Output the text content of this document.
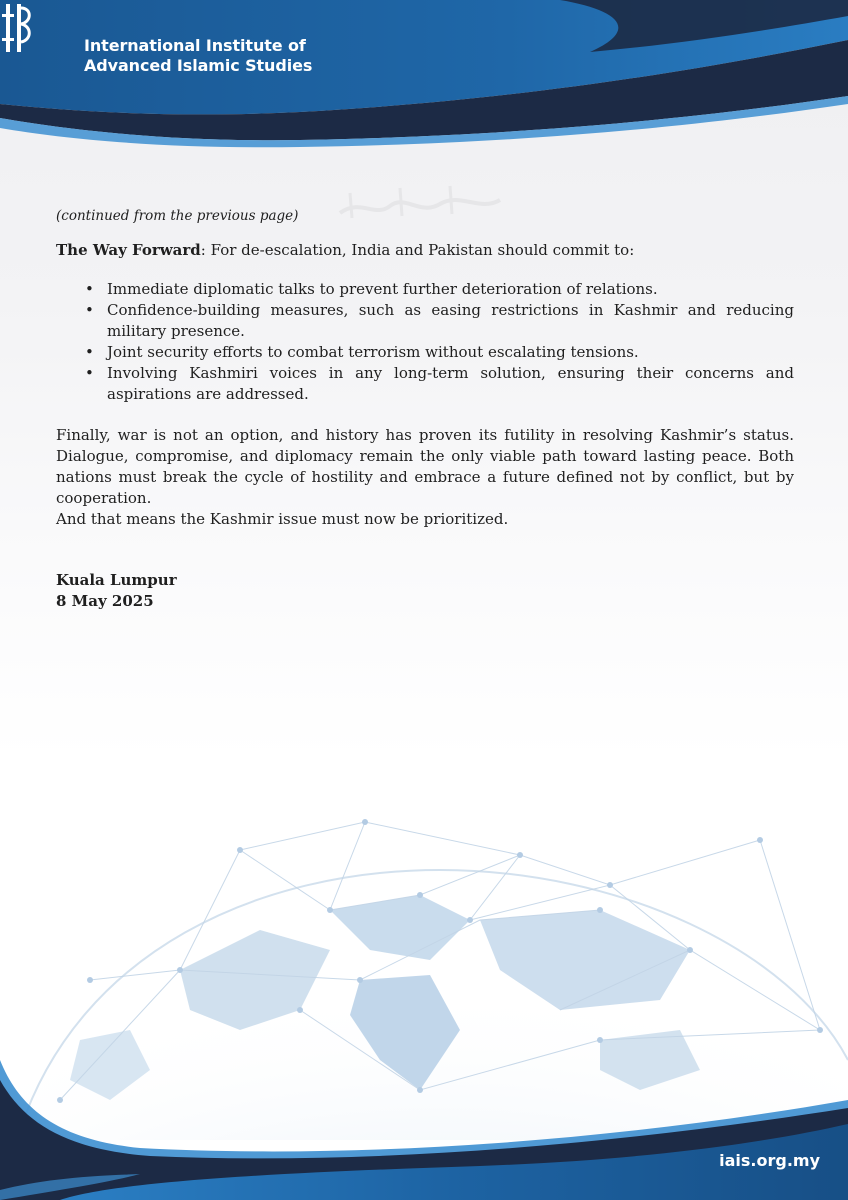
International Institute of
Advanced Islamic Studies

(continued from the previous page)

The Way Forward: For de-escalation, India and Pakistan should commit to:

• Immediate diplomatic talks to prevent further deterioration of relations.
• Confidence-building measures, such as easing restrictions in Kashmir and reducing military presence.
• Joint security efforts to combat terrorism without escalating tensions.
• Involving Kashmiri voices in any long-term solution, ensuring their concerns and aspirations are addressed.

Finally, war is not an option, and history has proven its futility in resolving Kashmir’s status. Dialogue, compromise, and diplomacy remain the only viable path toward lasting peace. Both nations must break the cycle of hostility and embrace a future defined not by conflict, but by cooperation.

And that means the Kashmir issue must now be prioritized.

Kuala Lumpur

8 May 2025

iais.org.my
